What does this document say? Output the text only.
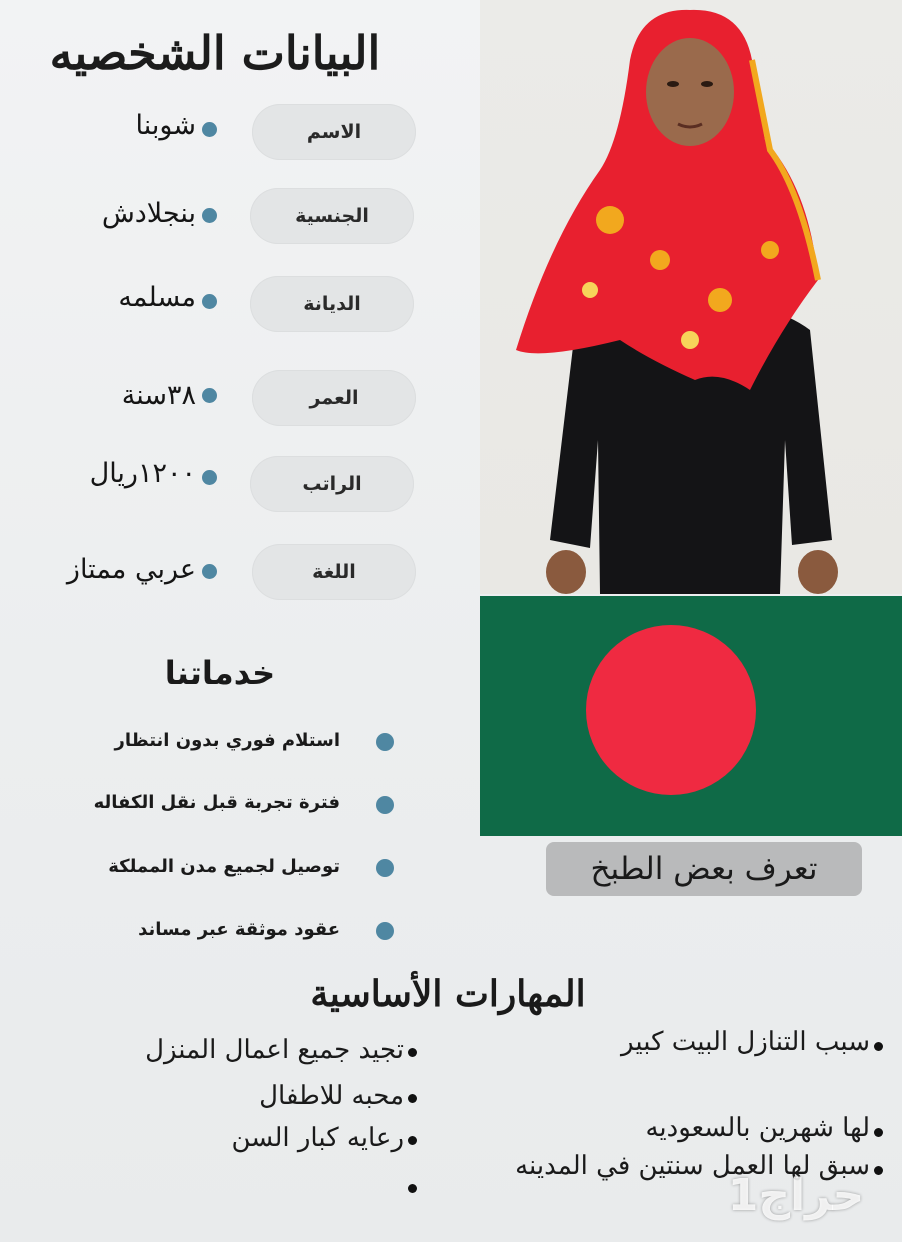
البيانات الشخصيه
الاسم
شوبنا
الجنسية
بنجلادش
الديانة
مسلمه
العمر
٣٨سنة
الراتب
١٢٠٠ريال
اللغة
عربي ممتاز
خدماتنا
استلام فوري بدون انتظار
فترة تجربة قبل نقل الكفاله
توصيل لجميع مدن المملكة
عقود موثقة عبر مساند
تعرف بعض الطبخ
المهارات الأساسية
تجيد جميع اعمال المنزل
محبه للاطفال
رعايه كبار السن
سبب التنازل البيت كبير
لها شهرين بالسعوديه
سبق لها العمل سنتين في المدينه
حراج1
